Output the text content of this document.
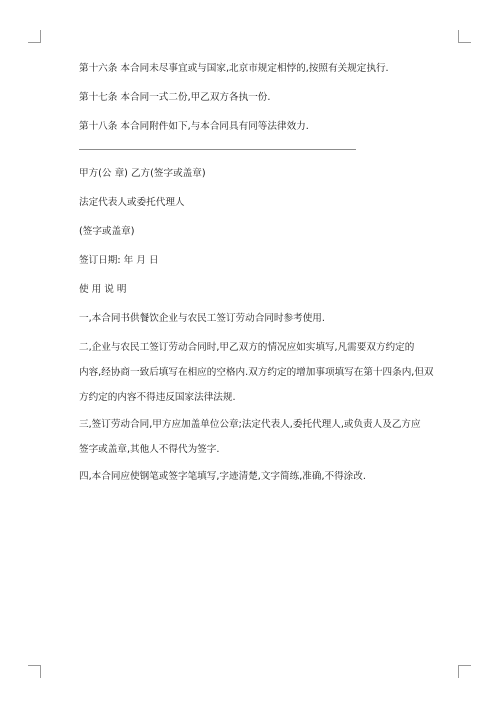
第十六条 本合同未尽事宜或与国家,北京市规定相悖的,按照有关规定执行.

第十七条 本合同一式二份,甲乙双方各执一份.

第十八条 本合同附件如下,与本合同具有同等法律效力.

甲方(公 章) 乙方(签字或盖章)

法定代表人或委托代理人

(签字或盖章)

签订日期: 年 月 日

使 用 说 明

一,本合同书供餐饮企业与农民工签订劳动合同时参考使用.

二,企业与农民工签订劳动合同时,甲乙双方的情况应如实填写,凡需要双方约定的
内容,经协商一致后填写在相应的空格内.双方约定的增加事项填写在第十四条内,但双
方约定的内容不得违反国家法律法规.

三,签订劳动合同,甲方应加盖单位公章;法定代表人,委托代理人,或负责人及乙方应
签字或盖章,其他人不得代为签字.

四,本合同应使钢笔或签字笔填写,字迹清楚,文字简练,准确,不得涂改.
